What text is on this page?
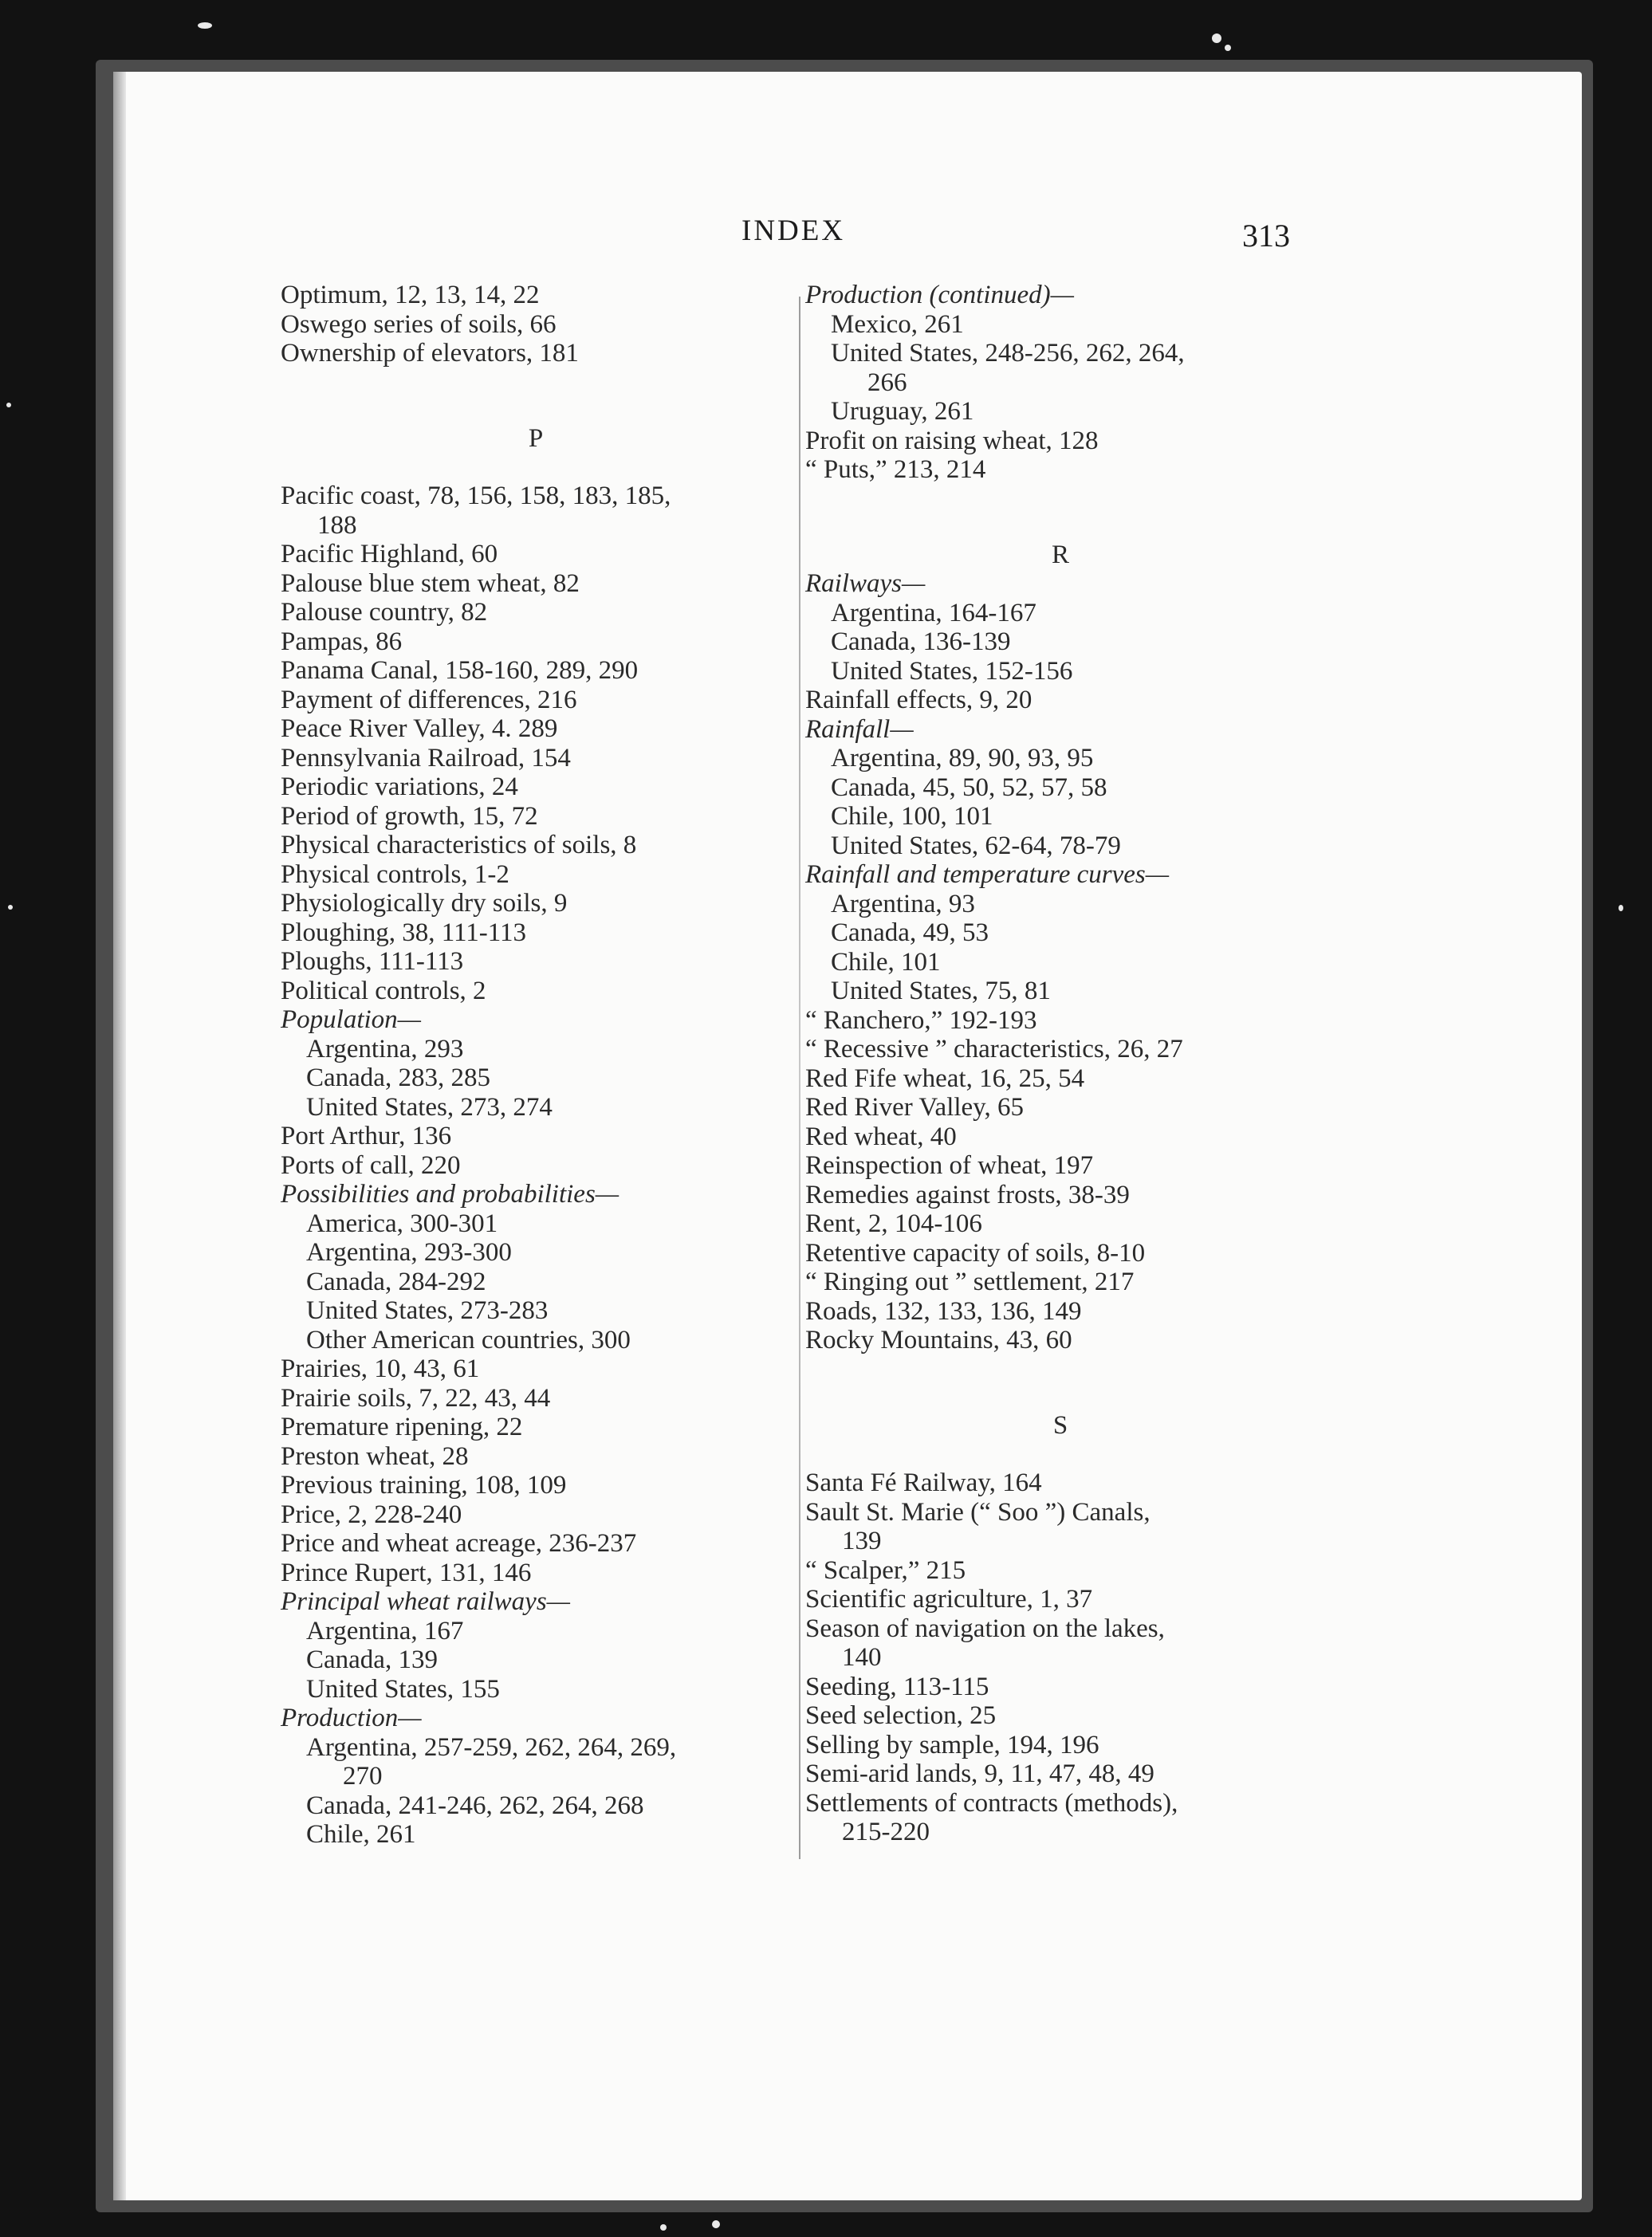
INDEX	313
Optimum, 12, 13, 14, 22
Oswego series of soils, 66
Ownership of elevators, 181
P
Pacific coast, 78, 156, 158, 183, 185,
188
Pacific Highland, 60
Palouse blue stem wheat, 82
Palouse country, 82
Pampas, 86
Panama Canal, 158-160, 289, 290
Payment of differences, 216
Peace River Valley, 4. 289
Pennsylvania Railroad, 154
Periodic variations, 24
Period of growth, 15, 72
Physical characteristics of soils, 8
Physical controls, 1-2
Physiologically dry soils, 9
Ploughing, 38, 111-113
Ploughs, 111-113
Political controls, 2
Population—
Argentina, 293
Canada, 283, 285
United States, 273, 274
Port Arthur, 136
Ports of call, 220
Possibilities and probabilities—
America, 300-301
Argentina, 293-300
Canada, 284-292
United States, 273-283
Other American countries, 300
Prairies, 10, 43, 61
Prairie soils, 7, 22, 43, 44
Premature ripening, 22
Preston wheat, 28
Previous training, 108, 109
Price, 2, 228-240
Price and wheat acreage, 236-237
Prince Rupert, 131, 146
Principal wheat railways—
Argentina, 167
Canada, 139
United States, 155
Production—
Argentina, 257-259, 262, 264, 269,
270
Canada, 241-246, 262, 264, 268
Chile, 261
Production (continued)—
Mexico, 261
United States, 248-256, 262, 264,
266
Uruguay, 261
Profit on raising wheat, 128
“ Puts,” 213, 214
R
Railways—
Argentina, 164-167
Canada, 136-139
United States, 152-156
Rainfall effects, 9, 20
Rainfall—
Argentina, 89, 90, 93, 95
Canada, 45, 50, 52, 57, 58
Chile, 100, 101
United States, 62-64, 78-79
Rainfall and temperature curves—
Argentina, 93
Canada, 49, 53
Chile, 101
United States, 75, 81
“ Ranchero,” 192-193
“ Recessive ” characteristics, 26, 27
Red Fife wheat, 16, 25, 54
Red River Valley, 65
Red wheat, 40
Reinspection of wheat, 197
Remedies against frosts, 38-39
Rent, 2, 104-106
Retentive capacity of soils, 8-10
“ Ringing out ” settlement, 217
Roads, 132, 133, 136, 149
Rocky Mountains, 43, 60
S
Santa Fé Railway, 164
Sault St. Marie (“ Soo ”) Canals,
139
“ Scalper,” 215
Scientific agriculture, 1, 37
Season of navigation on the lakes,
140
Seeding, 113-115
Seed selection, 25
Selling by sample, 194, 196
Semi-arid lands, 9, 11, 47, 48, 49
Settlements of contracts (methods),
215-220
